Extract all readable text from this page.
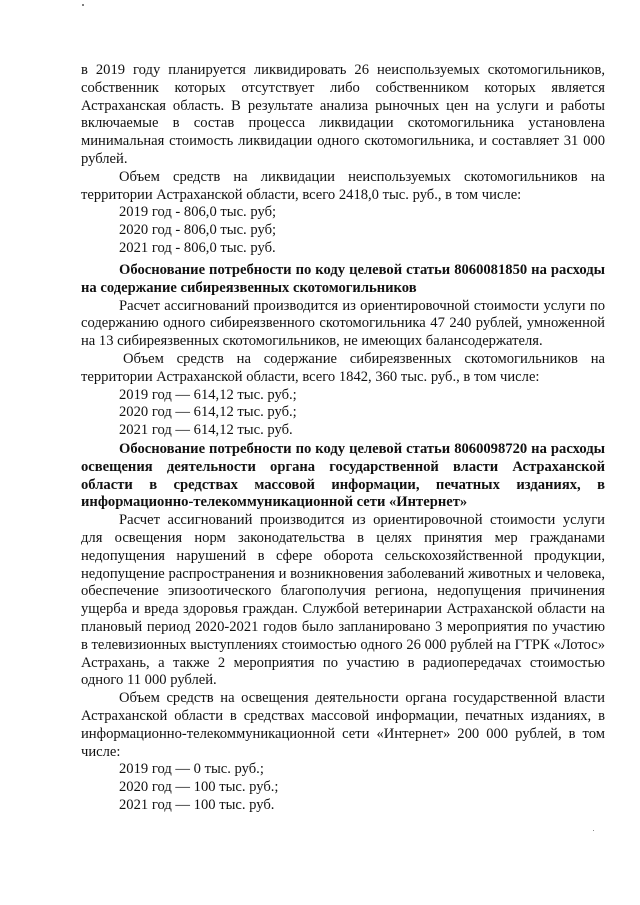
в 2019 году планируется ликвидировать 26 неиспользуемых скотомогильников, собственник которых отсутствует либо собственником которых является Астраханская область. В результате анализа рыночных цен на услуги и работы включаемые в состав процесса ликвидации скотомогильника установлена минимальная стоимость ликвидации одного скотомогильника, и составляет 31 000 рублей.

Объем средств на ликвидации неиспользуемых скотомогильников на территории Астраханской области, всего 2418,0 тыс. руб., в том числе:

2019 год - 806,0 тыс. руб;
2020 год - 806,0 тыс. руб;
2021 год - 806,0 тыс. руб.

Обоснование потребности по коду целевой статьи 8060081850 на расходы на содержание сибиреязвенных скотомогильников

Расчет ассигнований производится из ориентировочной стоимости услуги по содержанию одного сибиреязвенного скотомогильника 47 240 рублей, умноженной на 13 сибиреязвенных скотомогильников, не имеющих балансодержателя.

Объем средств на содержание сибиреязвенных скотомогильников на территории Астраханской области, всего 1842, 360 тыс. руб., в том числе:

2019 год — 614,12 тыс. руб.;
2020 год — 614,12 тыс. руб.;
2021 год — 614,12 тыс. руб.

Обоснование потребности по коду целевой статьи 8060098720 на расходы освещения деятельности органа государственной власти Астраханской области в средствах массовой информации, печатных изданиях, в информационно-телекоммуникационной сети «Интернет»

Расчет ассигнований производится из ориентировочной стоимости услуги для освещения норм законодательства в целях принятия мер гражданами недопущения нарушений в сфере оборота сельскохозяйственной продукции, недопущение распространения и возникновения заболеваний животных и человека, обеспечение эпизоотического благополучия региона, недопущения причинения ущерба и вреда здоровья граждан. Службой ветеринарии Астраханской области на плановый период 2020-2021 годов было запланировано 3 мероприятия по участию в телевизионных выступлениях стоимостью одного 26 000 рублей на ГТРК «Лотос» Астрахань, а также 2 мероприятия по участию в радиопередачах стоимостью одного 11 000 рублей.

Объем средств на освещения деятельности органа государственной власти Астраханской области в средствах массовой информации, печатных изданиях, в информационно-телекоммуникационной сети «Интернет» 200 000 рублей, в том числе:

2019 год — 0 тыс. руб.;
2020 год — 100 тыс. руб.;
2021 год — 100 тыс. руб.
